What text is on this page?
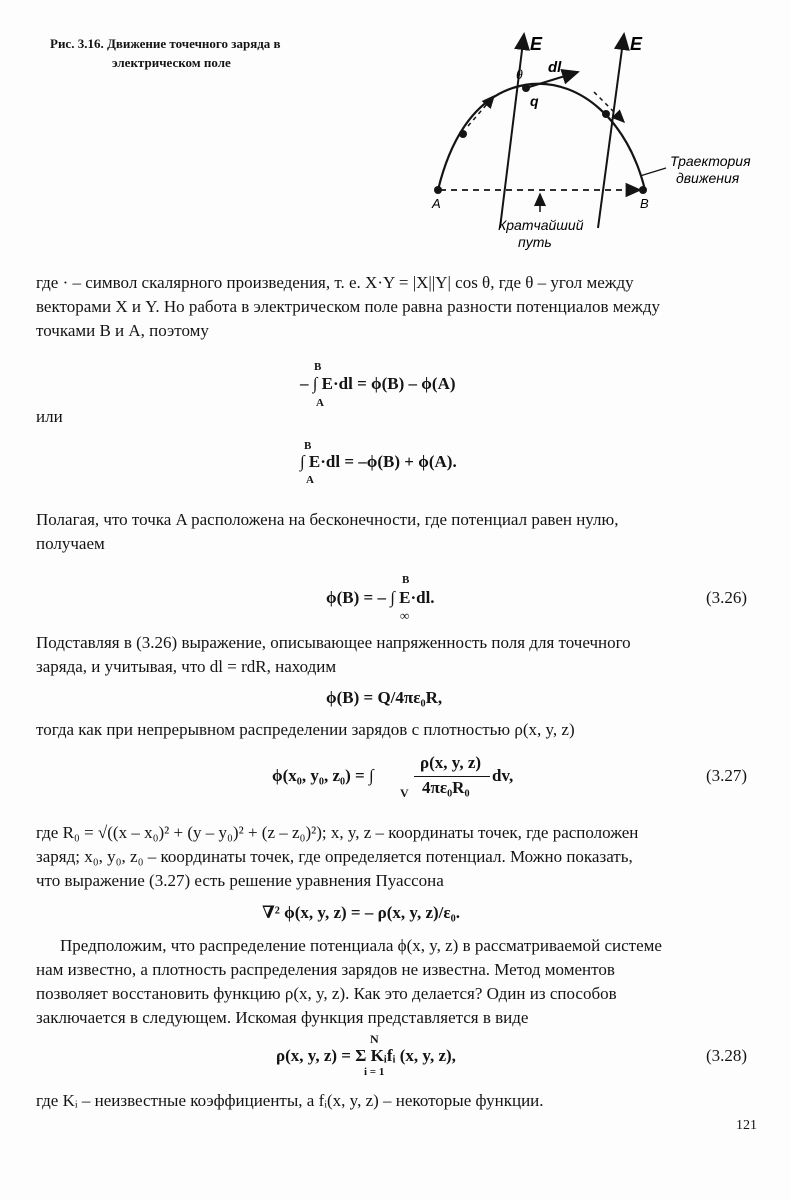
Рис. 3.16. Движение точечного заряда в
электрическом поле
E	E
θ dl
q
A	B
Траектория
движения
Кратчайший
путь
где · – символ скалярного произведения, т. е. X·Y = |X||Y| cos θ, где θ – угол между
векторами X и Y. Но работа в электрическом поле равна разности потенциалов между
точками B и A, поэтому
B
– ∫ E·dl = ϕ(B) – ϕ(A)
A
или
B
∫ E·dl = –ϕ(B) + ϕ(A).
A
Полагая, что точка A расположена на бесконечности, где потенциал равен нулю,
получаем
B
ϕ(B) = – ∫ E·dl.
∞
(3.26)
Подставляя в (3.26) выражение, описывающее напряженность поля для точечного
заряда, и учитывая, что dl = rdR, находим
ϕ(B) = Q/4πε₀R,
тогда как при непрерывном распределении зарядов с плотностью ρ(x, y, z)
ϕ(x₀, y₀, z₀) = ∫
ρ(x, y, z)
4πε₀R₀
dv,
V
(3.27)
где R₀ = √((x – x₀)² + (y – y₀)² + (z – z₀)²); x, y, z – координаты точек, где расположен
заряд; x₀, y₀, z₀ – координаты точек, где определяется потенциал. Можно показать,
что выражение (3.27) есть решение уравнения Пуассона
∇² ϕ(x, y, z) = – ρ(x, y, z)/ε₀.
Предположим, что распределение потенциала ϕ(x, y, z) в рассматриваемой системе
нам известно, а плотность распределения зарядов не известна. Метод моментов
позволяет восстановить функцию ρ(x, y, z). Как это делается? Один из способов
заключается в следующем. Искомая функция представляется в виде
N
ρ(x, y, z) = Σ Kᵢfᵢ (x, y, z),
i = 1
(3.28)
где Kᵢ – неизвестные коэффициенты, а fᵢ(x, y, z) – некоторые функции.
121
